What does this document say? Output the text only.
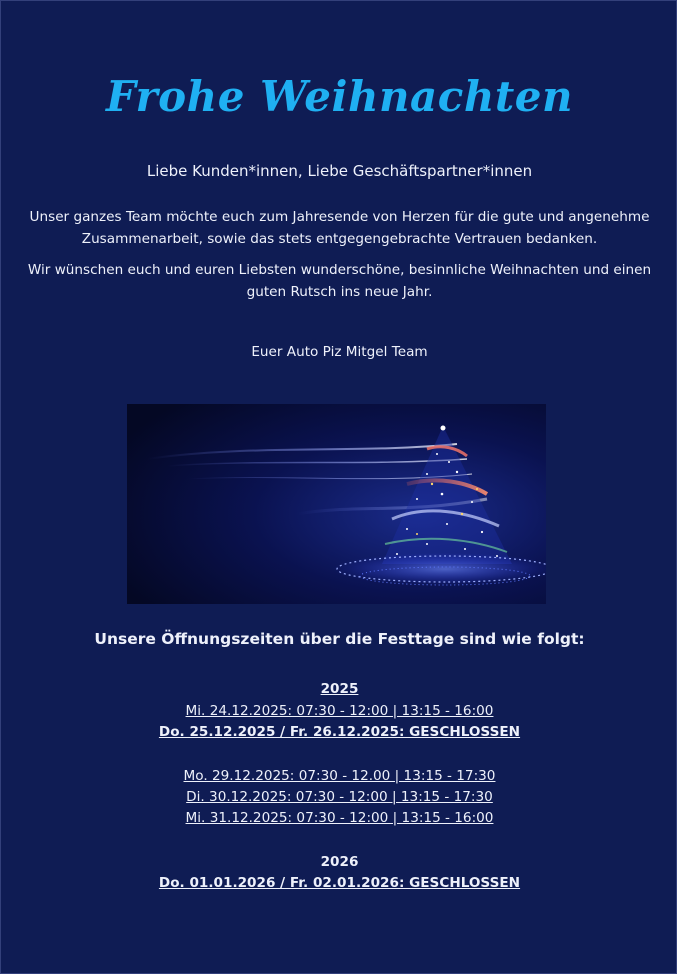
Frohe Weihnachten

Liebe Kunden*innen, Liebe Geschäftspartner*innen

Unser ganzes Team möchte euch zum Jahresende von Herzen für die gute und angenehme Zusammenarbeit, sowie das stets entgegengebrachte Vertrauen bedanken.

Wir wünschen euch und euren Liebsten wunderschöne, besinnliche Weihnachten und einen guten Rutsch ins neue Jahr.

Euer Auto Piz Mitgel Team

Unsere Öffnungszeiten über die Festtage sind wie folgt:

2025

Mi. 24.12.2025: 07:30 - 12:00 | 13:15 - 16:00

Do. 25.12.2025 / Fr. 26.12.2025: GESCHLOSSEN

Mo. 29.12.2025: 07:30 - 12.00 | 13:15 - 17:30

Di. 30.12.2025: 07:30 - 12:00 | 13:15 - 17:30

Mi. 31.12.2025: 07:30 - 12:00 | 13:15 - 16:00

2026

Do. 01.01.2026 / Fr. 02.01.2026: GESCHLOSSEN
